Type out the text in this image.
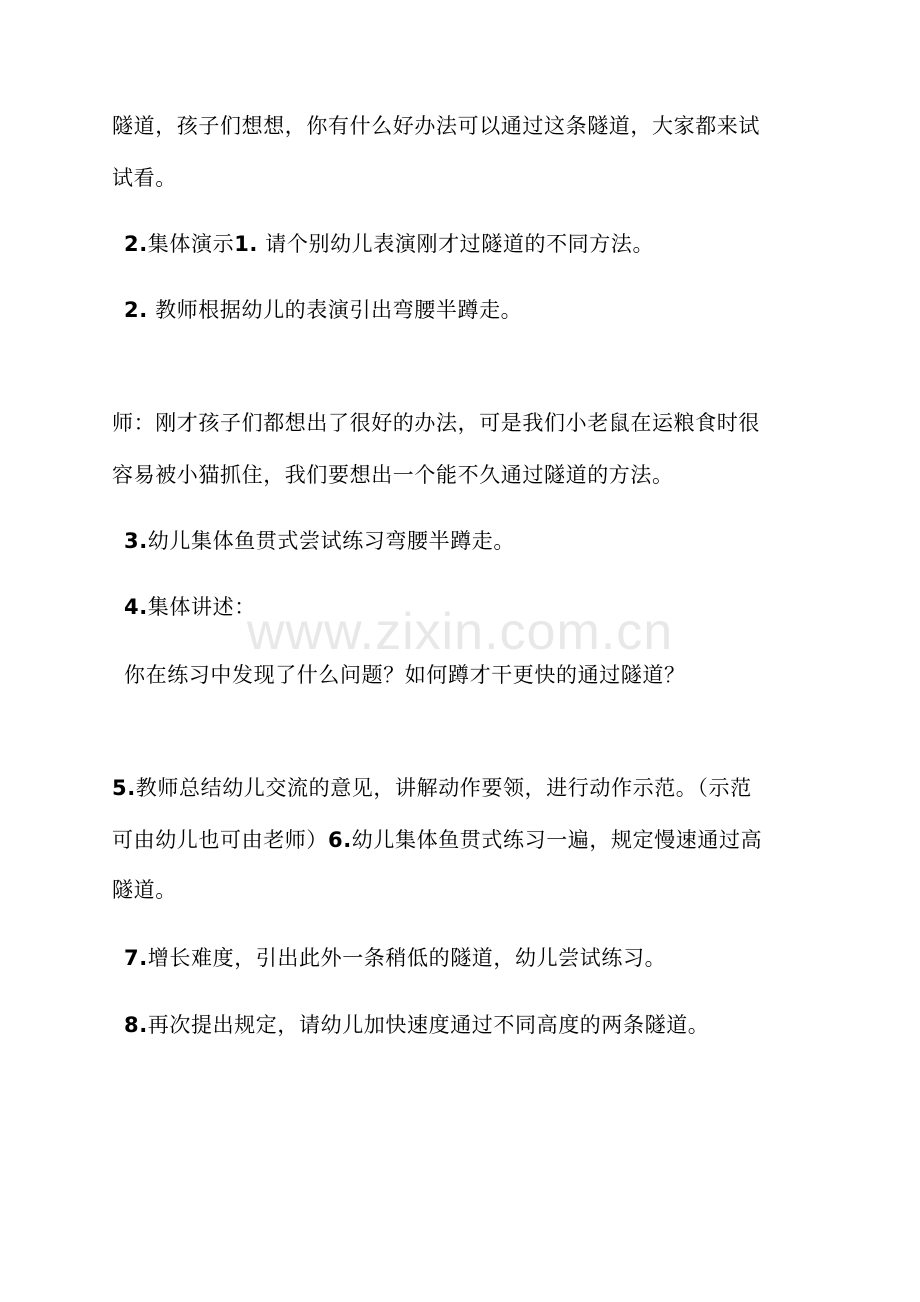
隧道，孩子们想想，你有什么好办法可以通过这条隧道，大家都来试
试看。
2.集体演示1. 请个别幼儿表演刚才过隧道的不同方法。
2. 教师根据幼儿的表演引出弯腰半蹲走。
师：刚才孩子们都想出了很好的办法，可是我们小老鼠在运粮食时很
容易被小猫抓住，我们要想出一个能不久通过隧道的方法。
3.幼儿集体鱼贯式尝试练习弯腰半蹲走。
4.集体讲述：
你在练习中发现了什么问题？如何蹲才干更快的通过隧道？
5.教师总结幼儿交流的意见，讲解动作要领，进行动作示范。（示范
可由幼儿也可由老师）6.幼儿集体鱼贯式练习一遍，规定慢速通过高
隧道。
7.增长难度，引出此外一条稍低的隧道，幼儿尝试练习。
8.再次提出规定，请幼儿加快速度通过不同高度的两条隧道。
www.zixin.com.cn
